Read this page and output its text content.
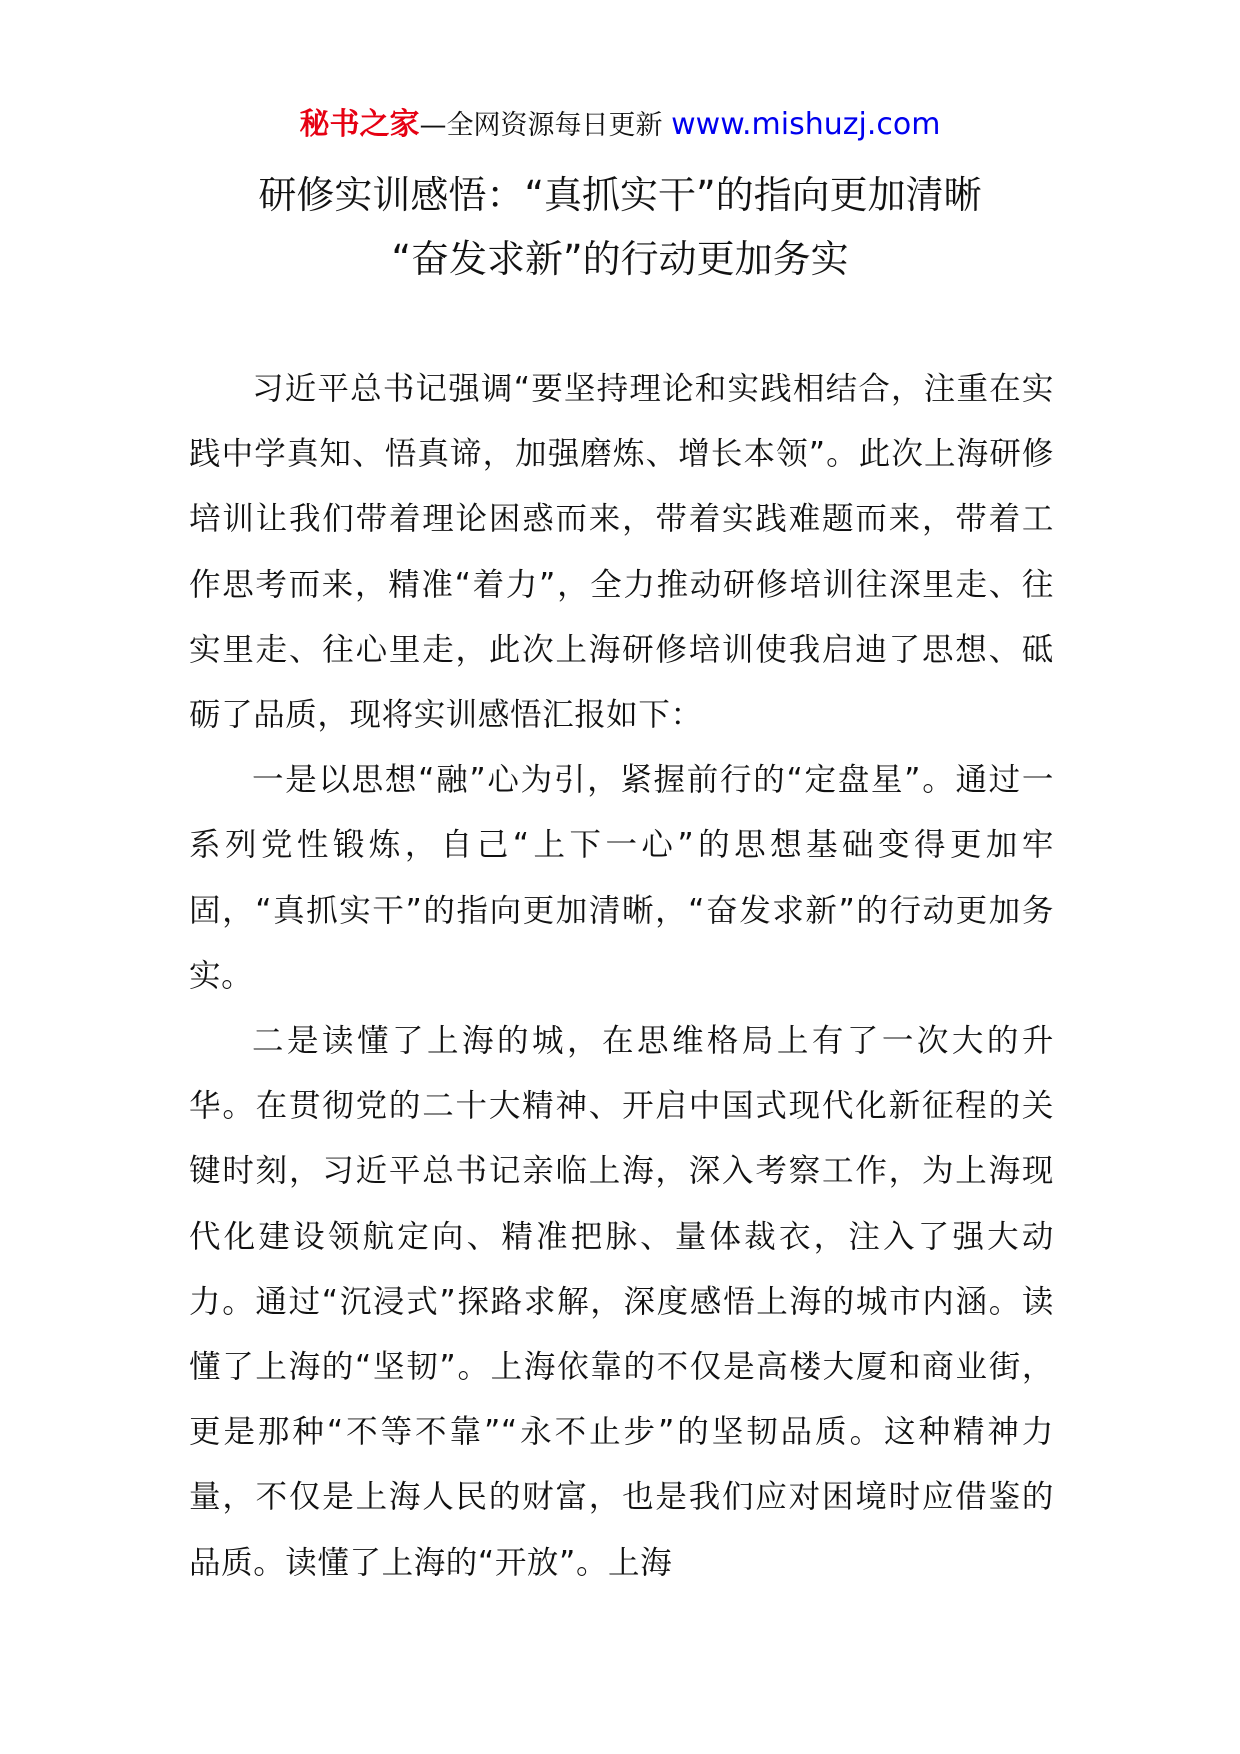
秘书之家—全网资源每日更新 www.mishuzj.com
研修实训感悟：“真抓实干”的指向更加清晰
“奋发求新”的行动更加务实

习近平总书记强调“要坚持理论和实践相结合，注重在实践中学真知、悟真谛，加强磨炼、增长本领”。此次上海研修培训让我们带着理论困惑而来，带着实践难题而来，带着工作思考而来，精准“着力”，全力推动研修培训往深里走、往实里走、往心里走，此次上海研修培训使我启迪了思想、砥砺了品质，现将实训感悟汇报如下：

一是以思想“融”心为引，紧握前行的“定盘星”。通过一系列党性锻炼，自己“上下一心”的思想基础变得更加牢固，“真抓实干”的指向更加清晰，“奋发求新”的行动更加务实。

二是读懂了上海的城，在思维格局上有了一次大的升华。在贯彻党的二十大精神、开启中国式现代化新征程的关键时刻，习近平总书记亲临上海，深入考察工作，为上海现代化建设领航定向、精准把脉、量体裁衣，注入了强大动力。通过“沉浸式”探路求解，深度感悟上海的城市内涵。读懂了上海的“坚韧”。上海依靠的不仅是高楼大厦和商业街，更是那种“不等不靠”“永不止步”的坚韧品质。这种精神力量，不仅是上海人民的财富，也是我们应对困境时应借鉴的品质。读懂了上海的“开放”。上海
